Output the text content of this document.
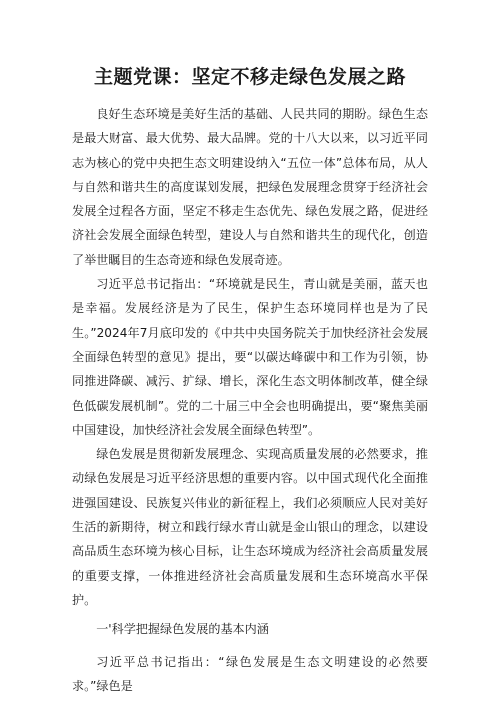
主题党课：坚定不移走绿色发展之路

良好生态环境是美好生活的基础、人民共同的期盼。绿色生态是最大财富、最大优势、最大品牌。党的十八大以来，以习近平同志为核心的党中央把生态文明建设纳入“五位一体”总体布局，从人与自然和谐共生的高度谋划发展，把绿色发展理念贯穿于经济社会发展全过程各方面，坚定不移走生态优先、绿色发展之路，促进经济社会发展全面绿色转型，建设人与自然和谐共生的现代化，创造了举世瞩目的生态奇迹和绿色发展奇迹。

习近平总书记指出：“环境就是民生，青山就是美丽，蓝天也是幸福。发展经济是为了民生，保护生态环境同样也是为了民生。”2024年7月底印发的《中共中央国务院关于加快经济社会发展全面绿色转型的意见》提出，要“以碳达峰碳中和工作为引领，协同推进降碳、减污、扩绿、增长，深化生态文明体制改革，健全绿色低碳发展机制”。党的二十届三中全会也明确提出，要“聚焦美丽中国建设，加快经济社会发展全面绿色转型”。

绿色发展是贯彻新发展理念、实现高质量发展的必然要求，推动绿色发展是习近平经济思想的重要内容。以中国式现代化全面推进强国建设、民族复兴伟业的新征程上，我们必须顺应人民对美好生活的新期待，树立和践行绿水青山就是金山银山的理念，以建设高品质生态环境为核心目标，让生态环境成为经济社会高质量发展的重要支撑，一体推进经济社会高质量发展和生态环境高水平保护。

一'科学把握绿色发展的基本内涵

习近平总书记指出：“绿色发展是生态文明建设的必然要求。”绿色是
